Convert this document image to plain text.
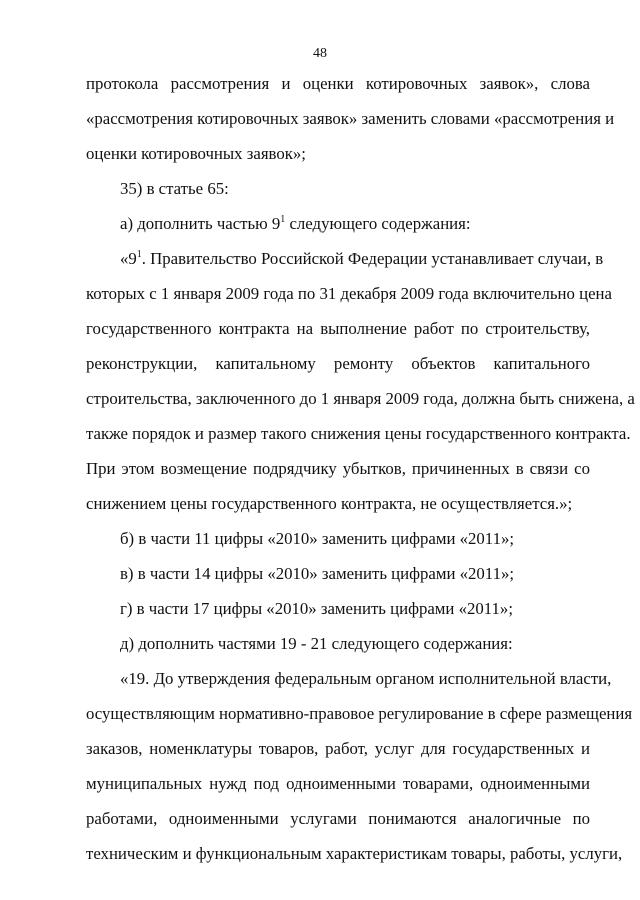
48
протокола рассмотрения и оценки котировочных заявок», слова
«рассмотрения котировочных заявок» заменить словами «рассмотрения и
оценки котировочных заявок»;
35) в статье 65:
а) дополнить частью $9^1$ следующего содержания:
«$9^1$. Правительство Российской Федерации устанавливает случаи, в
которых с 1 января 2009 года по 31 декабря 2009 года включительно цена
государственного контракта на выполнение работ по строительству,
реконструкции, капитальному ремонту объектов капитального
строительства, заключенного до 1 января 2009 года, должна быть снижена, а
также порядок и размер такого снижения цены государственного контракта.
При этом возмещение подрядчику убытков, причиненных в связи со
снижением цены государственного контракта, не осуществляется.»;
б) в части 11 цифры «2010» заменить цифрами «2011»;
в) в части 14 цифры «2010» заменить цифрами «2011»;
г) в части 17 цифры «2010» заменить цифрами «2011»;
д) дополнить частями 19 - 21 следующего содержания:
«19. До утверждения федеральным органом исполнительной власти,
осуществляющим нормативно-правовое регулирование в сфере размещения
заказов, номенклатуры товаров, работ, услуг для государственных и
муниципальных нужд под одноименными товарами, одноименными
работами, одноименными услугами понимаются аналогичные по
техническим и функциональным характеристикам товары, работы, услуги,
